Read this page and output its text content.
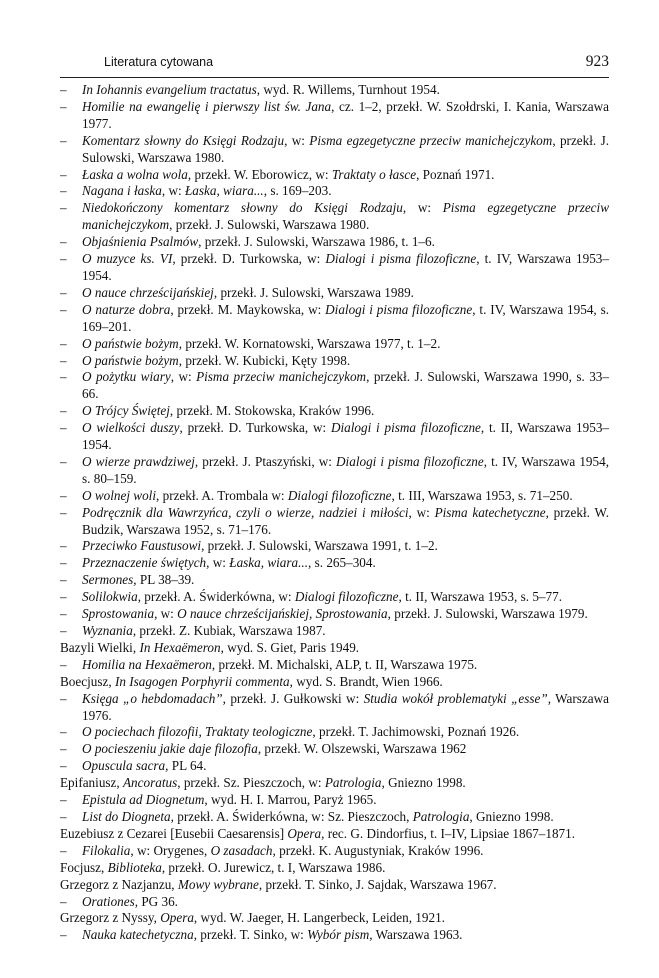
Literatura cytowana	923
– In Iohannis evangelium tractatus, wyd. R. Willems, Turnhout 1954.
– Homilie na ewangelię i pierwszy list św. Jana, cz. 1–2, przekł. W. Szołdrski, I. Kania, Warszawa 1977.
– Komentarz słowny do Księgi Rodzaju, w: Pisma egzegetyczne przeciw manichejczykom, przekł. J. Sulowski, Warszawa 1980.
– Łaska a wolna wola, przekł. W. Eborowicz, w: Traktaty o łasce, Poznań 1971.
– Nagana i łaska, w: Łaska, wiara..., s. 169–203.
– Niedokończony komentarz słowny do Księgi Rodzaju, w: Pisma egzegetyczne przeciw manichejczykom, przekł. J. Sulowski, Warszawa 1980.
– Objaśnienia Psalmów, przekł. J. Sulowski, Warszawa 1986, t. 1–6.
– O muzyce ks. VI, przekł. D. Turkowska, w: Dialogi i pisma filozoficzne, t. IV, Warszawa 1953–1954.
– O nauce chrześcijańskiej, przekł. J. Sulowski, Warszawa 1989.
– O naturze dobra, przekł. M. Maykowska, w: Dialogi i pisma filozoficzne, t. IV, Warszawa 1954, s. 169–201.
– O państwie bożym, przekł. W. Kornatowski, Warszawa 1977, t. 1–2.
– O państwie bożym, przekł. W. Kubicki, Kęty 1998.
– O pożytku wiary, w: Pisma przeciw manichejczykom, przekł. J. Sulowski, Warszawa 1990, s. 33–66.
– O Trójcy Świętej, przekł. M. Stokowska, Kraków 1996.
– O wielkości duszy, przekł. D. Turkowska, w: Dialogi i pisma filozoficzne, t. II, Warszawa 1953–1954.
– O wierze prawdziwej, przekł. J. Ptaszyński, w: Dialogi i pisma filozoficzne, t. IV, Warszawa 1954, s. 80–159.
– O wolnej woli, przekł. A. Trombala w: Dialogi filozoficzne, t. III, Warszawa 1953, s. 71–250.
– Podręcznik dla Wawrzyńca, czyli o wierze, nadziei i miłości, w: Pisma katechetyczne, przekł. W. Budzik, Warszawa 1952, s. 71–176.
– Przeciwko Faustusowi, przekł. J. Sulowski, Warszawa 1991, t. 1–2.
– Przeznaczenie świętych, w: Łaska, wiara..., s. 265–304.
– Sermones, PL 38–39.
– Solilokwia, przekł. A. Świderkówna, w: Dialogi filozoficzne, t. II, Warszawa 1953, s. 5–77.
– Sprostowania, w: O nauce chrześcijańskiej, Sprostowania, przekł. J. Sulowski, Warszawa 1979.
– Wyznania, przekł. Z. Kubiak, Warszawa 1987.
Bazyli Wielki, In Hexaëmeron, wyd. S. Giet, Paris 1949.
– Homilia na Hexaëmeron, przekł. M. Michalski, ALP, t. II, Warszawa 1975.
Boecjusz, In Isagogen Porphyrii commenta, wyd. S. Brandt, Wien 1966.
– Księga „o hebdomadach”, przekł. J. Gułkowski w: Studia wokół problematyki „esse”, Warszawa 1976.
– O pociechach filozofii, Traktaty teologiczne, przekł. T. Jachimowski, Poznań 1926.
– O pocieszeniu jakie daje filozofia, przekł. W. Olszewski, Warszawa 1962
– Opuscula sacra, PL 64.
Epifaniusz, Ancoratus, przekł. Sz. Pieszczoch, w: Patrologia, Gniezno 1998.
– Epistula ad Diognetum, wyd. H. I. Marrou, Paryż 1965.
– List do Diogneta, przekł. A. Świderkówna, w: Sz. Pieszczoch, Patrologia, Gniezno 1998.
Euzebiusz z Cezarei [Eusebii Caesarensis] Opera, rec. G. Dindorfius, t. I–IV, Lipsiae 1867–1871.
– Filokalia, w: Orygenes, O zasadach, przekł. K. Augustyniak, Kraków 1996.
Focjusz, Biblioteka, przekł. O. Jurewicz, t. I, Warszawa 1986.
Grzegorz z Nazjanzu, Mowy wybrane, przekł. T. Sinko, J. Sajdak, Warszawa 1967.
– Orationes, PG 36.
Grzegorz z Nyssy, Opera, wyd. W. Jaeger, H. Langerbeck, Leiden, 1921.
– Nauka katechetyczna, przekł. T. Sinko, w: Wybór pism, Warszawa 1963.
